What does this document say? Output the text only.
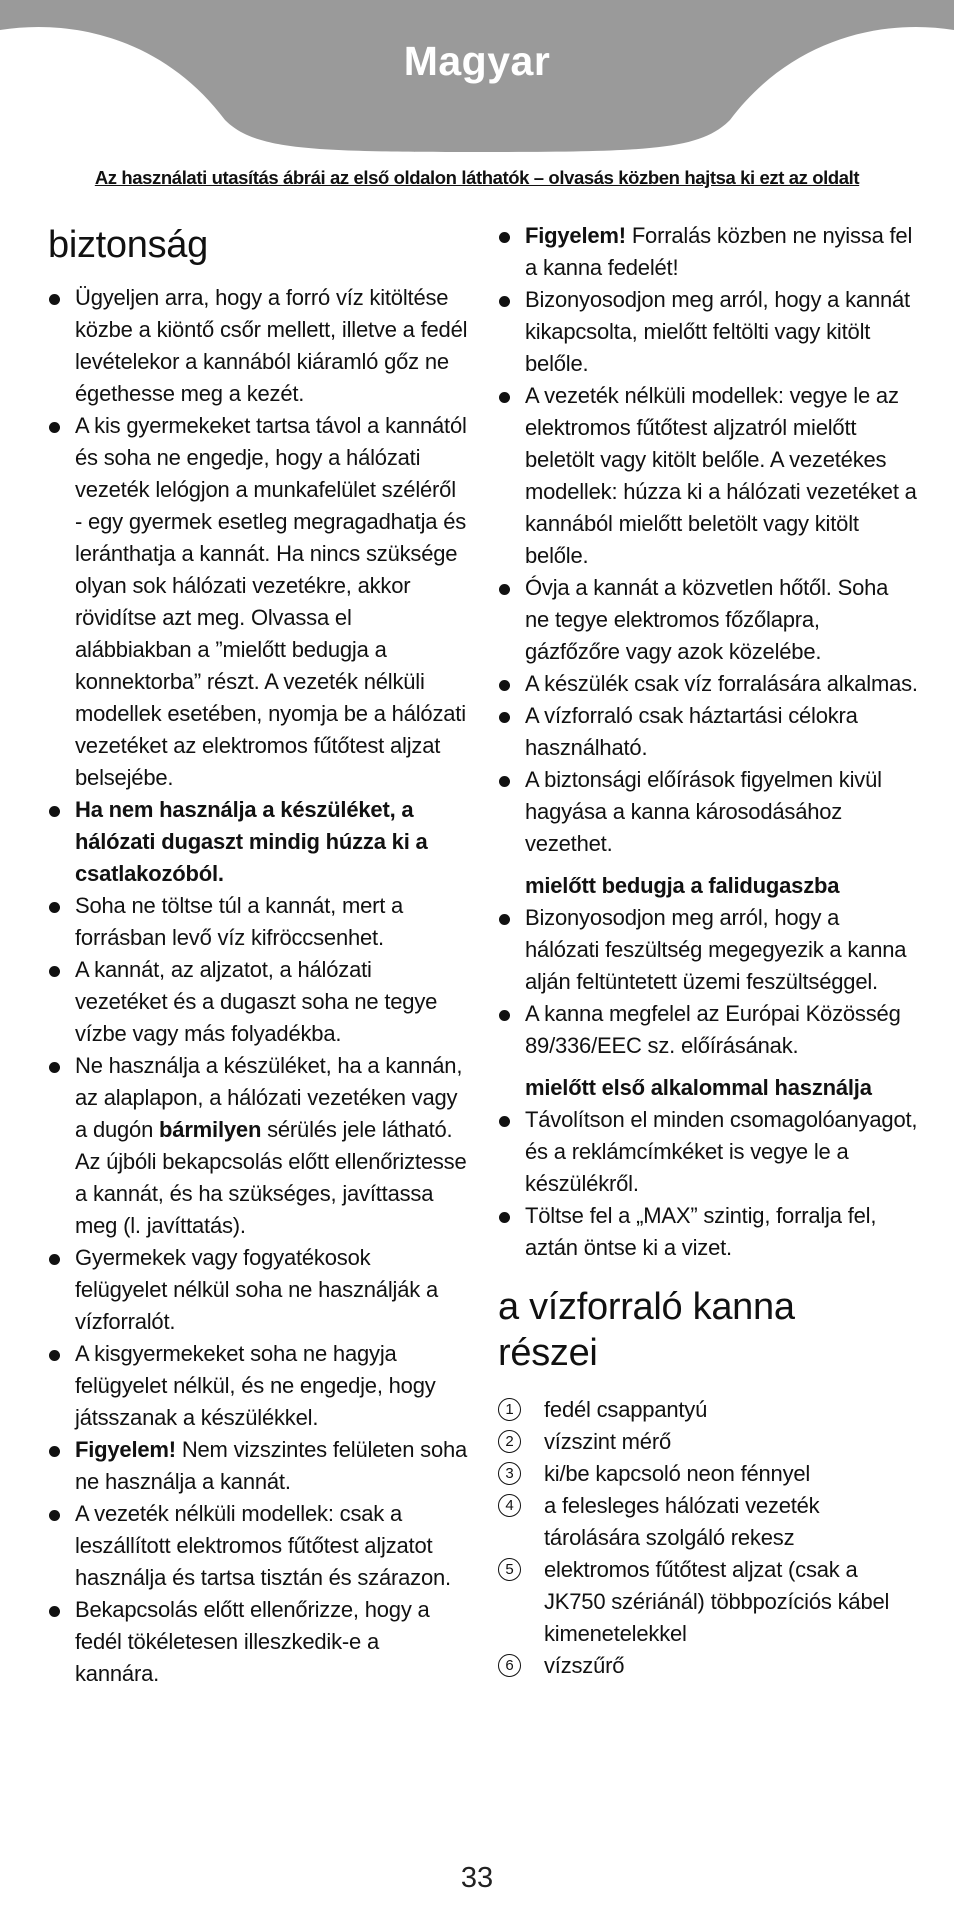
Magyar
Az használati utasítás ábrái az első oldalon láthatók – olvasás közben hajtsa ki ezt az oldalt
biztonság
Ügyeljen arra, hogy a forró víz kitöltése közbe a kiöntő csőr mellett, illetve a fedél levételekor a kannából kiáramló gőz ne égethesse meg a kezét.
A kis gyermekeket tartsa távol a kannától és soha ne engedje, hogy a hálózati vezeték lelógjon a munkafelület széléről ‐ egy gyermek esetleg megragadhatja és leránthatja a kannát. Ha nincs szüksége olyan sok hálózati vezetékre, akkor rövidítse azt meg. Olvassa el alábbiakban a ”mielőtt bedugja a konnektorba” részt. A vezeték nélküli modellek esetében, nyomja be a hálózati vezetéket az elektromos fűtőtest aljzat belsejébe.
Ha nem használja a készüléket, a hálózati dugaszt mindig húzza ki a csatlakozóból.
Soha ne töltse túl a kannát, mert a forrásban levő víz kifröccsenhet.
A kannát, az aljzatot, a hálózati vezetéket és a dugaszt soha ne tegye vízbe vagy más folyadékba.
Ne használja a készüléket, ha a kannán, az alaplapon, a hálózati vezetéken vagy a dugón bármilyen sérülés jele látható. Az újbóli bekapcsolás előtt ellenőriztesse a kannát, és ha szükséges, javíttassa meg (l. javíttatás).
Gyermekek vagy fogyatékosok felügyelet nélkül soha ne használják a vízforralót.
A kisgyermekeket soha ne hagyja felügyelet nélkül, és ne engedje, hogy játsszanak a készülékkel.
Figyelem! Nem vizszintes felületen soha ne használja a kannát.
A vezeték nélküli modellek: csak a leszállított elektromos fűtőtest aljzatot használja és tartsa tisztán és szárazon.
Bekapcsolás előtt ellenőrizze, hogy a fedél tökéletesen illeszkedik‐e a kannára.
Figyelem! Forralás közben ne nyissa fel a kanna fedelét!
Bizonyosodjon meg arról, hogy a kannát kikapcsolta, mielőtt feltölti vagy kitölt belőle.
A vezeték nélküli modellek: vegye le az elektromos fűtőtest aljzatról mielőtt beletölt vagy kitölt belőle. A vezetékes modellek: húzza ki a hálózati vezetéket a kannából mielőtt beletölt vagy kitölt belőle.
Óvja a kannát a közvetlen hőtől. Soha ne tegye elektromos főzőlapra, gázfőzőre vagy azok közelébe.
A készülék csak víz forralására alkalmas.
A vízforraló csak háztartási célokra használható.
A biztonsági előírások figyelmen kivül hagyása a kanna károsodásához vezethet.
mielőtt bedugja a falidugaszba
Bizonyosodjon meg arról, hogy a hálózati feszültség megegyezik a kanna alján feltüntetett üzemi feszültséggel.
A kanna megfelel az Európai Közösség 89/336/EEC sz. előírásának.
mielőtt első alkalommal használja
Távolítson el minden csomagolóanyagot, és a reklámcímkéket is vegye le a készülékről.
Töltse fel a „MAX” szintig, forralja fel, aztán öntse ki a vizet.
a vízforraló kanna részei
1	fedél csappantyú
2	vízszint mérő
3	ki/be kapcsoló neon fénnyel
4	a felesleges hálózati vezeték tárolására szolgáló rekesz
5	elektromos fűtőtest aljzat (csak a JK750 szériánál) többpozíciós kábel kimenetelekkel
6	vízszűrő
33
